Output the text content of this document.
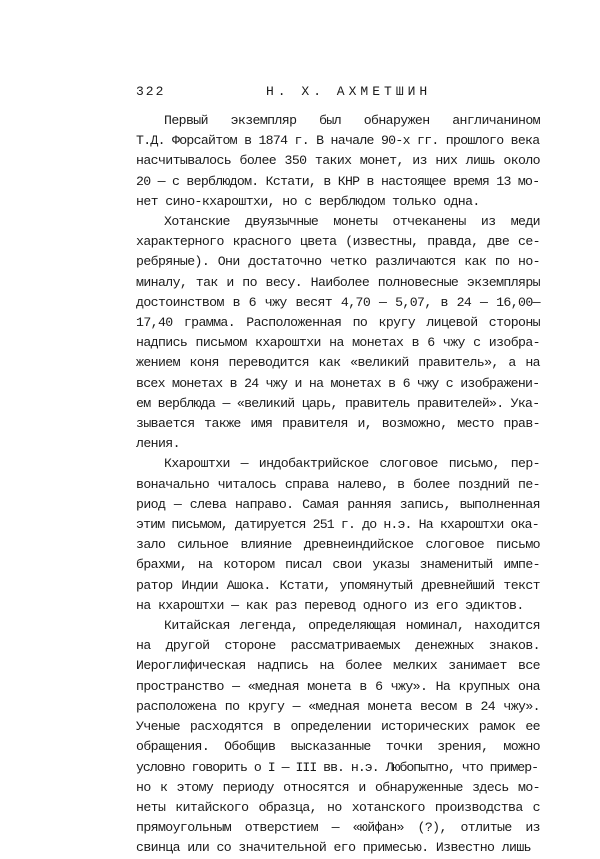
322	Н. Х. АХМЕТШИН
Первый экземпляр был обнаружен англичанином
Т.Д. Форсайтом в 1874 г. В начале 90-х гг. прошлого века
насчитывалось более 350 таких монет, из них лишь около
20 — с верблюдом. Кстати, в КНР в настоящее время 13 мо-
нет сино-кхароштхи, но с верблюдом только одна.
Хотанские двуязычные монеты отчеканены из меди
характерного красного цвета (известны, правда, две се-
ребряные). Они достаточно четко различаются как по но-
миналу, так и по весу. Наиболее полновесные экземпляры
достоинством в 6 чжу весят 4,70 — 5,07, в 24 — 16,00—
17,40 грамма. Расположенная по кругу лицевой стороны
надпись письмом кхароштхи на монетах в 6 чжу с изобра-
жением коня переводится как «великий правитель», а на
всех монетах в 24 чжу и на монетах в 6 чжу с изображени-
ем верблюда — «великий царь, правитель правителей». Ука-
зывается также имя правителя и, возможно, место прав-
ления.
Кхароштхи — индобактрийское слоговое письмо, пер-
воначально читалось справа налево, в более поздний пе-
риод — слева направо. Самая ранняя запись, выполненная
этим письмом, датируется 251 г. до н.э. На кхароштхи ока-
зало сильное влияние древнеиндийское слоговое письмо
брахми, на котором писал свои указы знаменитый импе-
ратор Индии Ашока. Кстати, упомянутый древнейший текст
на кхароштхи — как раз перевод одного из его эдиктов.
Китайская легенда, определяющая номинал, находится
на другой стороне рассматриваемых денежных знаков.
Иероглифическая надпись на более мелких занимает все
пространство — «медная монета в 6 чжу». На крупных она
расположена по кругу — «медная монета весом в 24 чжу».
Ученые расходятся в определении исторических рамок ее
обращения. Обобщив высказанные точки зрения, можно
условно говорить о I — III вв. н.э. Любопытно, что пример-
но к этому периоду относятся и обнаруженные здесь мо-
неты китайского образца, но хотанского производства с
прямоугольным отверстием — «юйфан» (?), отлитые из
свинца или со значительной его примесью. Известно лишь
